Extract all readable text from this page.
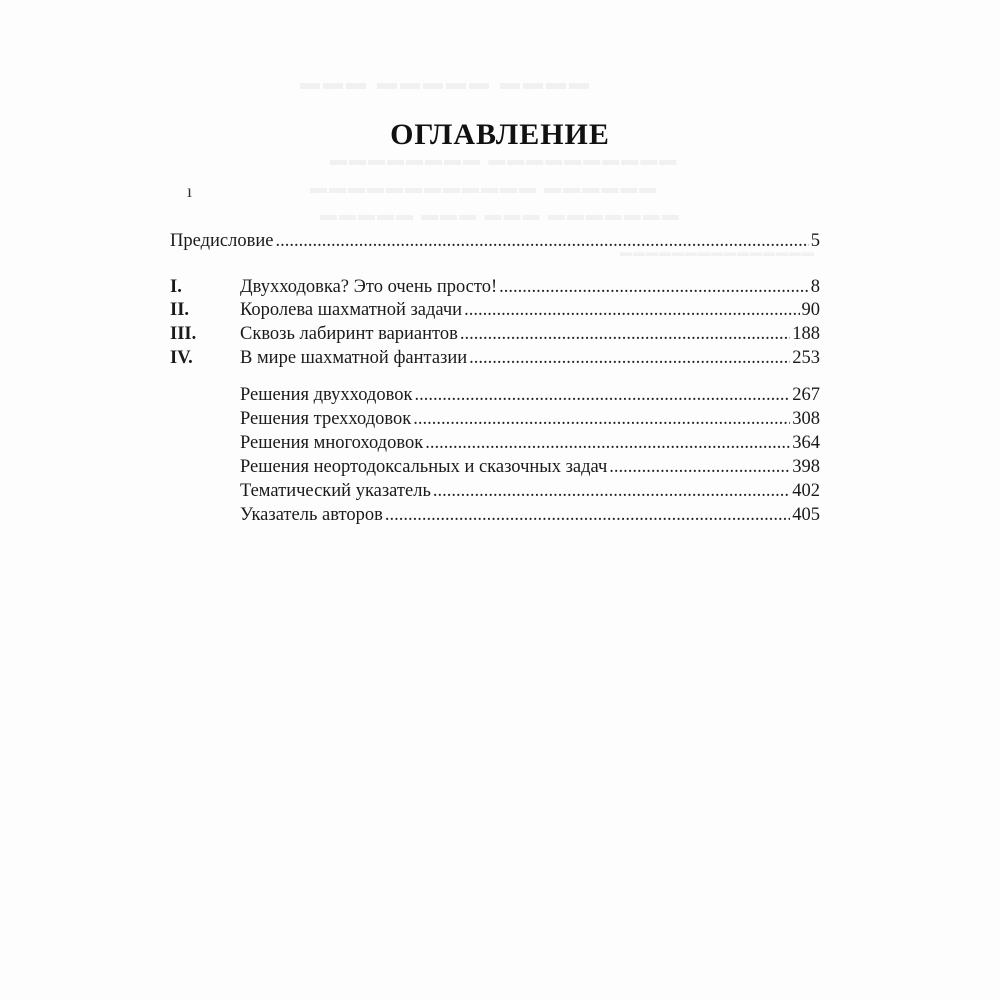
ОГЛАВЛЕНИЕ
ı
Предисловие .....	5
I.	Двухходовка? Это очень просто! .....	8
II.	Королева шахматной задачи .....	90
III. Сквозь лабиринт вариантов .....	188
IV.	В мире шахматной фантазии .....	253
Решения двухходовок .....	267
Решения трехходовок .....	308
Решения многоходовок .....	364
Решения неортодоксальных и сказочных задач .....	398
Тематический указатель .....	402
Указатель авторов .....	405
